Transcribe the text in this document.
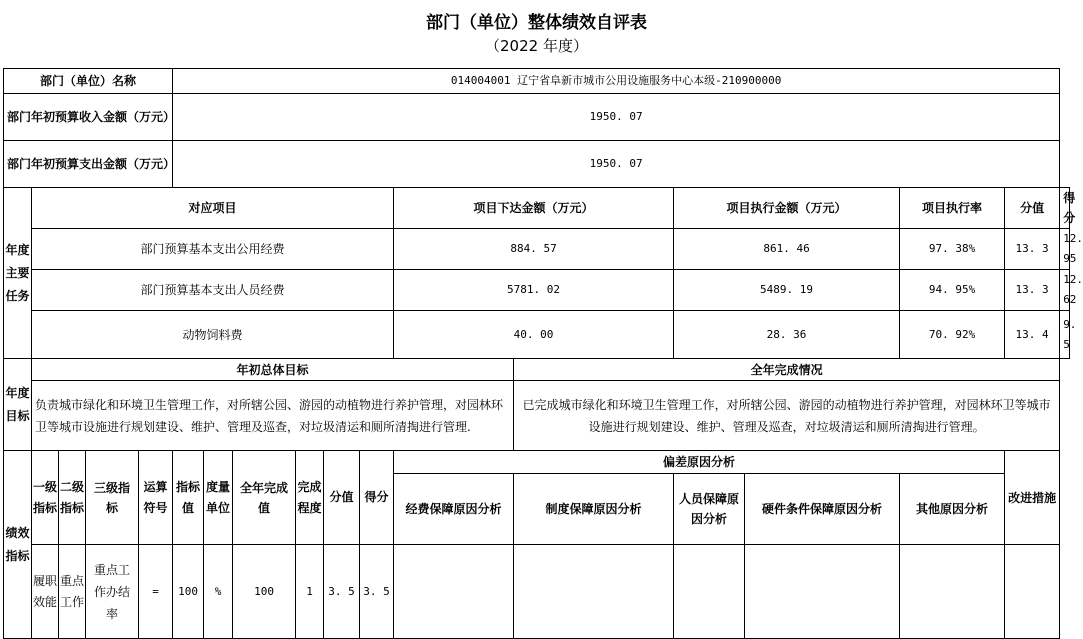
部门（单位）整体绩效自评表
（2022 年度）
部门（单位）名称					014004001 辽宁省阜新市城市公用设施服务中心本级-210900000												
部门年初预算收入金额（万元）					1950. 07												
部门年初预算支出金额（万元）					1950. 07												
年度主要任务	对应项目										项目下达金额（万元）		项目执行金额（万元）		项目执行率	分值	得分
	部门预算基本支出公用经费										884. 57		861. 46		97. 38%	13. 3	12. 95
	部门预算基本支出人员经费										5781. 02		5489. 19		94. 95%	13. 3	12. 62
	动物饲料费										40. 00		28. 36		70. 92%	13. 4	9. 5
年度目标	年初总体目标											全年完成情况					
	负责城市绿化和环境卫生管理工作，对所辖公园、游园的动植物进行养护管理，对园林环卫等城市设施进行规划建设、维护、管理及巡查，对垃圾清运和厕所清掏进行管理.											已完成城市绿化和环境卫生管理工作，对所辖公园、游园的动植物进行养护管理，对园林环卫等城市设施进行规划建设、维护、管理及巡查，对垃圾清运和厕所清掏进行管理。					
绩效指标	一级指标	二级指标	三级指标	运算符号	指标值	度量单位	全年完成值	完成程度	分值	得分	偏差原因分析					改进措施	
											经费保障原因分析	制度保障原因分析	人员保障原因分析	硬件条件保障原因分析	其他原因分析		
	履职效能	重点工作	重点工作办结率	=	100	%	100	1	3. 5	3. 5							
